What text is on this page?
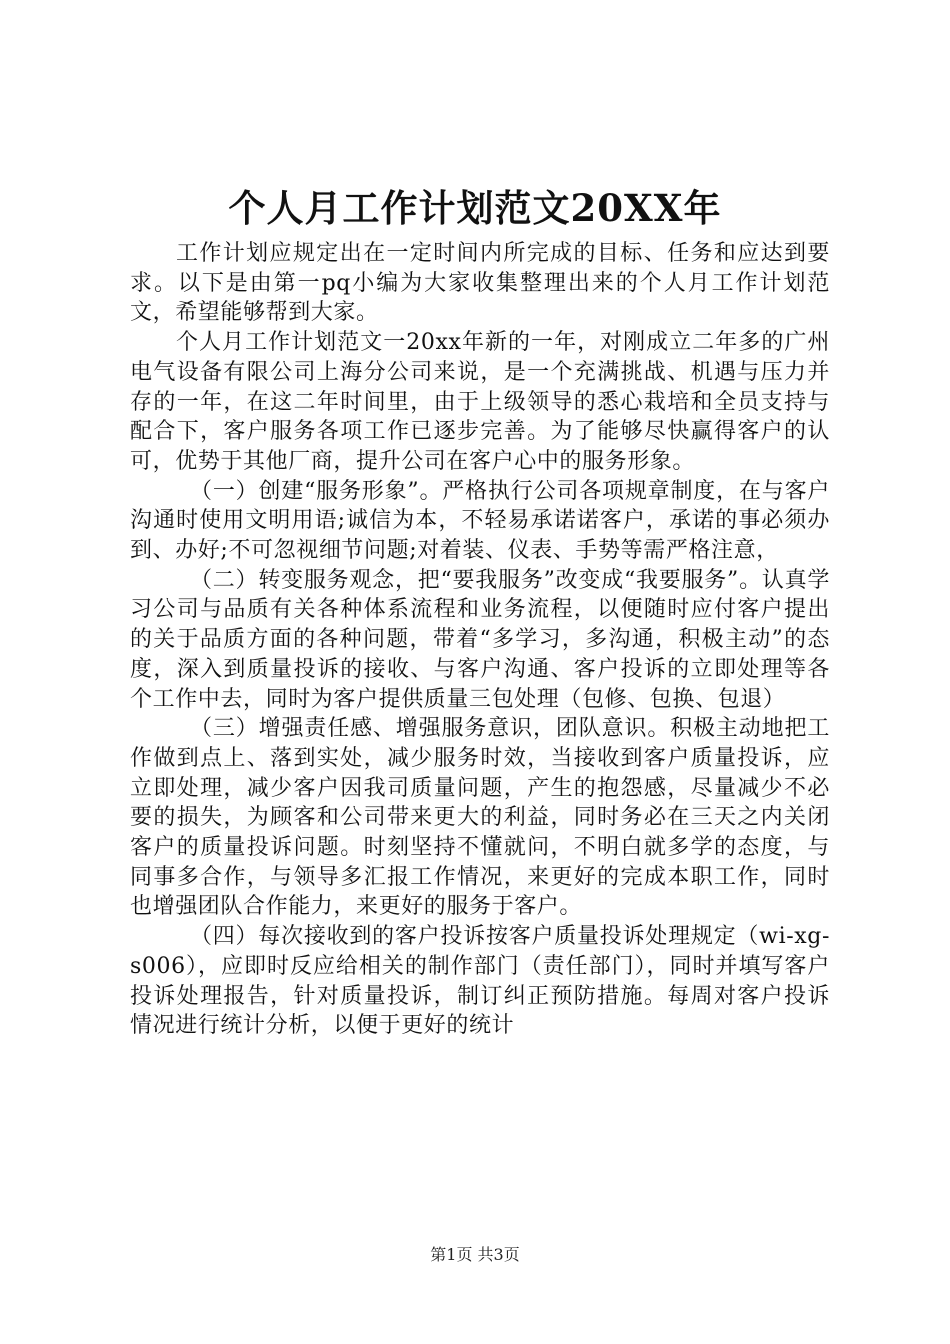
个人月工作计划范文20XX年

工作计划应规定出在一定时间内所完成的目标、任务和应达到要求。以下是由第一pq小编为大家收集整理出来的个人月工作计划范文，希望能够帮到大家。

个人月工作计划范文一20xx年新的一年，对刚成立二年多的广州电气设备有限公司上海分公司来说，是一个充满挑战、机遇与压力并存的一年，在这二年时间里，由于上级领导的悉心栽培和全员支持与配合下，客户服务各项工作已逐步完善。为了能够尽快赢得客户的认可，优势于其他厂商，提升公司在客户心中的服务形象。

（一）创建“服务形象”。严格执行公司各项规章制度，在与客户沟通时使用文明用语;诚信为本，不轻易承诺诺客户，承诺的事必须办到、办好;不可忽视细节问题;对着装、仪表、手势等需严格注意，

（二）转变服务观念，把“要我服务”改变成“我要服务”。认真学习公司与品质有关各种体系流程和业务流程，以便随时应付客户提出的关于品质方面的各种问题，带着“多学习，多沟通，积极主动”的态度，深入到质量投诉的接收、与客户沟通、客户投诉的立即处理等各个工作中去，同时为客户提供质量三包处理（包修、包换、包退）

（三）增强责任感、增强服务意识，团队意识。积极主动地把工作做到点上、落到实处，减少服务时效，当接收到客户质量投诉，应立即处理，减少客户因我司质量问题，产生的抱怨感，尽量减少不必要的损失，为顾客和公司带来更大的利益，同时务必在三天之内关闭客户的质量投诉问题。时刻坚持不懂就问，不明白就多学的态度，与同事多合作，与领导多汇报工作情况，来更好的完成本职工作，同时也增强团队合作能力，来更好的服务于客户。

（四）每次接收到的客户投诉按客户质量投诉处理规定（wi-xg-s006），应即时反应给相关的制作部门（责任部门），同时并填写客户投诉处理报告，针对质量投诉，制订纠正预防措施。每周对客户投诉情况进行统计分析，以便于更好的统计

第1页 共3页
